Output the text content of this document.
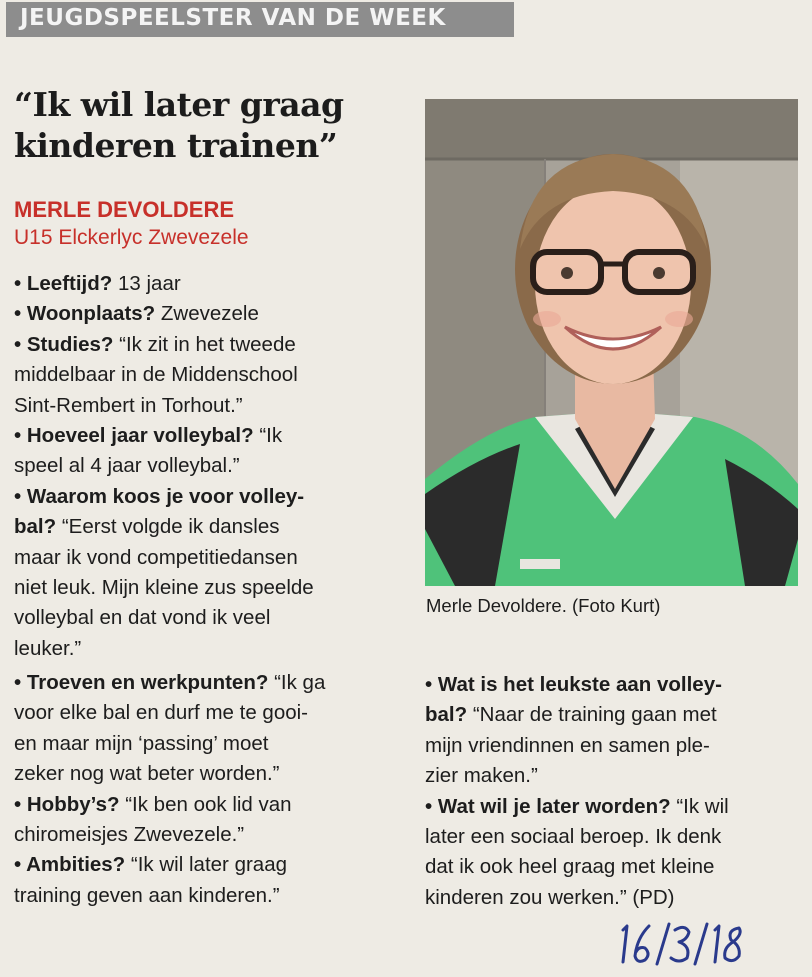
JEUGDSPEELSTER VAN DE WEEK
“Ik wil later graag
kinderen trainen”
MERLE DEVOLDERE
U15 Elckerlyc Zwevezele
• Leeftijd? 13 jaar
• Woonplaats? Zwevezele
• Studies? “Ik zit in het tweede
middelbaar in de Middenschool
Sint-Rembert in Torhout.”
• Hoeveel jaar volleybal? “Ik
speel al 4 jaar volleybal.”
• Waarom koos je voor volley-
bal? “Eerst volgde ik dansles
maar ik vond competitiedansen
niet leuk. Mijn kleine zus speelde
volleybal en dat vond ik veel
leuker.”
• Troeven en werkpunten? “Ik ga
voor elke bal en durf me te gooi-
en maar mijn ‘passing’ moet
zeker nog wat beter worden.”
• Hobby’s? “Ik ben ook lid van
chiromeisjes Zwevezele.”
• Ambities? “Ik wil later graag
training geven aan kinderen.”
• Wat is het leukste aan volley-
bal? “Naar de training gaan met
mijn vriendinnen en samen ple-
zier maken.”
• Wat wil je later worden? “Ik wil
later een sociaal beroep. Ik denk
dat ik ook heel graag met kleine
kinderen zou werken.” (PD)
Merle Devoldere. (Foto Kurt)
